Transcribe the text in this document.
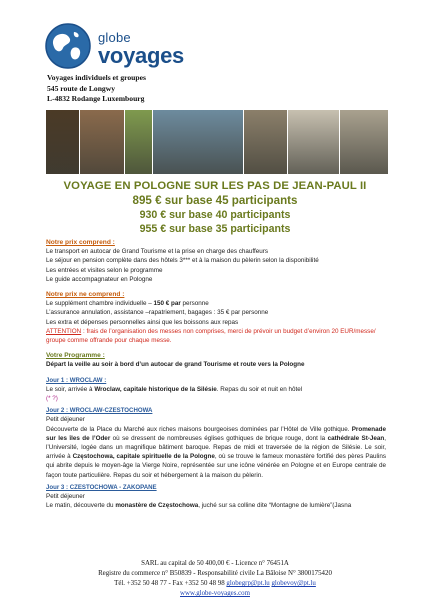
globe
voyages
Voyages individuels et groupes
545 route de Longwy
L-4832 Rodange Luxembourg
VOYAGE EN POLOGNE SUR LES PAS DE JEAN-PAUL II
895 € sur base 45 participants
930 € sur base 40 participants
955 € sur base 35 participants
Notre prix comprend :
Le transport en autocar de Grand Tourisme et la prise en charge des chauffeurs
Le séjour en pension complète dans des hôtels 3*** et à la maison du pèlerin selon la disponibilité
Les entrées et visites selon le programme
Le guide accompagnateur en Pologne
Notre prix ne comprend :
Le supplément chambre individuelle – 150 € par personne
L’assurance annulation, assistance –rapatriement, bagages : 35 € par personne
Les extra et dépenses personnelles ainsi que les boissons aux repas
ATTENTION : frais de l’organisation des messes non comprises, merci de prévoir un budget d’environ 20 EUR/messe/ groupe comme offrande pour chaque messe.
Votre Programme :
Départ la veille au soir à bord d’un autocar de grand Tourisme et route vers la Pologne
Jour 1 : WROCLAW :
Le soir, arrivée à Wroclaw, capitale historique de la Silésie. Repas du soir et nuit en hôtel
(* ?)
Jour 2 : WROCLAW-CZESTOCHOWA
Petit déjeuner
Découverte de la Place du Marché aux riches maisons bourgeoises dominées par l’Hôtel de Ville gothique. Promenade sur les îles de l’Oder où se dressent de nombreuses églises gothiques de brique rouge, dont la cathédrale St-Jean, l’Université, logée dans un magnifique bâtiment baroque. Repas de midi et traversée de la région de Silésie. Le soir, arrivée à Częstochowa, capitale spirituelle de la Pologne, où se trouve le fameux monastère fortifié des pères Paulins qui abrite depuis le moyen-âge la Vierge Noire, représentée sur une icône vénérée en Pologne et en Europe centrale de façon toute particulière. Repas du soir et hébergement à la maison du pèlerin.
Jour 3 : CZESTOCHOWA - ZAKOPANE
Petit déjeuner
Le matin, découverte du monastère de Częstochowa, juché sur sa colline dite “Montagne de lumière”(Jasna
SARL au capital de 50 400,00 € - Licence n° 76451A
Registre du commerce n° B50839 - Responsabilité civile La Bâloise N° 3800175420
Tél. +352 50 48 77 - Fax +352 50 48 98 globegrp@pt.lu globevoy@pt.lu
www.globe-voyages.com
